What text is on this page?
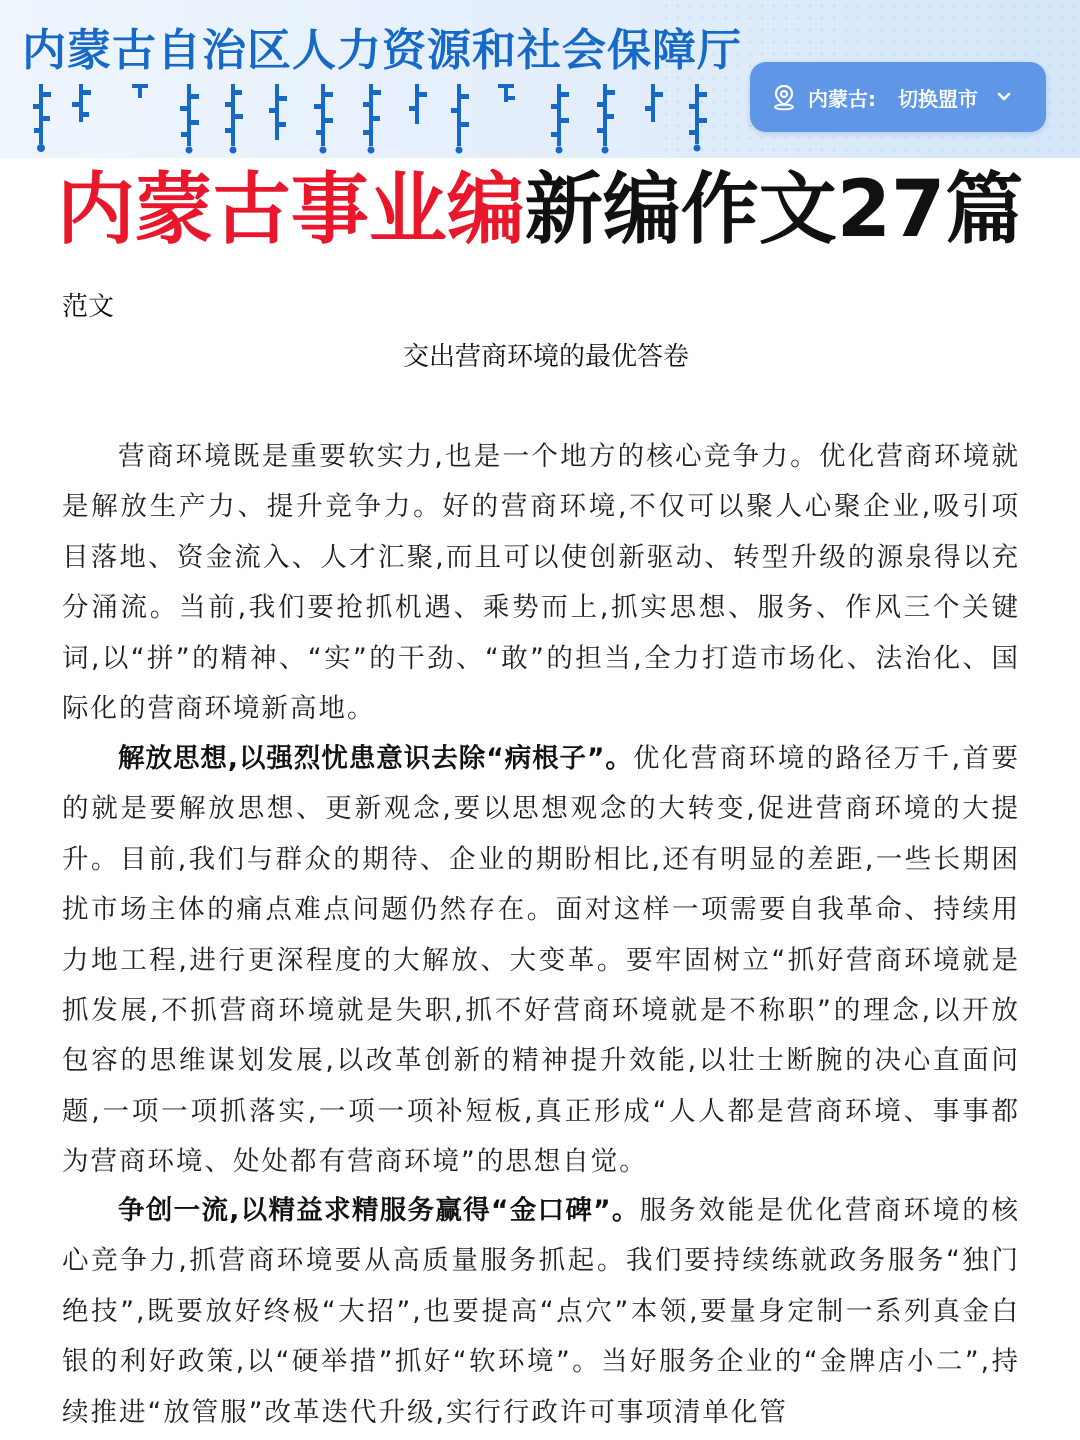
内蒙古自治区人力资源和社会保障厅
内蒙古: 切换盟市
内蒙古事业编新编作文27篇
范文
交出营商环境的最优答卷

营商环境既是重要软实力,也是一个地方的核心竞争力。优化营商环境就是解放生产力、提升竞争力。好的营商环境,不仅可以聚人心聚企业,吸引项目落地、资金流入、人才汇聚,而且可以使创新驱动、转型升级的源泉得以充分涌流。当前,我们要抢抓机遇、乘势而上,抓实思想、服务、作风三个关键词,以“拼”的精神、“实”的干劲、“敢”的担当,全力打造市场化、法治化、国际化的营商环境新高地。

解放思想,以强烈忧患意识去除“病根子”。优化营商环境的路径万千,首要的就是要解放思想、更新观念,要以思想观念的大转变,促进营商环境的大提升。目前,我们与群众的期待、企业的期盼相比,还有明显的差距,一些长期困扰市场主体的痛点难点问题仍然存在。面对这样一项需要自我革命、持续用力地工程,进行更深程度的大解放、大变革。要牢固树立“抓好营商环境就是抓发展,不抓营商环境就是失职,抓不好营商环境就是不称职”的理念,以开放包容的思维谋划发展,以改革创新的精神提升效能,以壮士断腕的决心直面问题,一项一项抓落实,一项一项补短板,真正形成“人人都是营商环境、事事都为营商环境、处处都有营商环境”的思想自觉。

争创一流,以精益求精服务赢得“金口碑”。服务效能是优化营商环境的核心竞争力,抓营商环境要从高质量服务抓起。我们要持续练就政务服务“独门绝技”,既要放好终极“大招”,也要提高“点穴”本领,要量身定制一系列真金白银的利好政策,以“硬举措”抓好“软环境”。当好服务企业的“金牌店小二”,持续推进“放管服”改革迭代升级,实行行政许可事项清单化管
